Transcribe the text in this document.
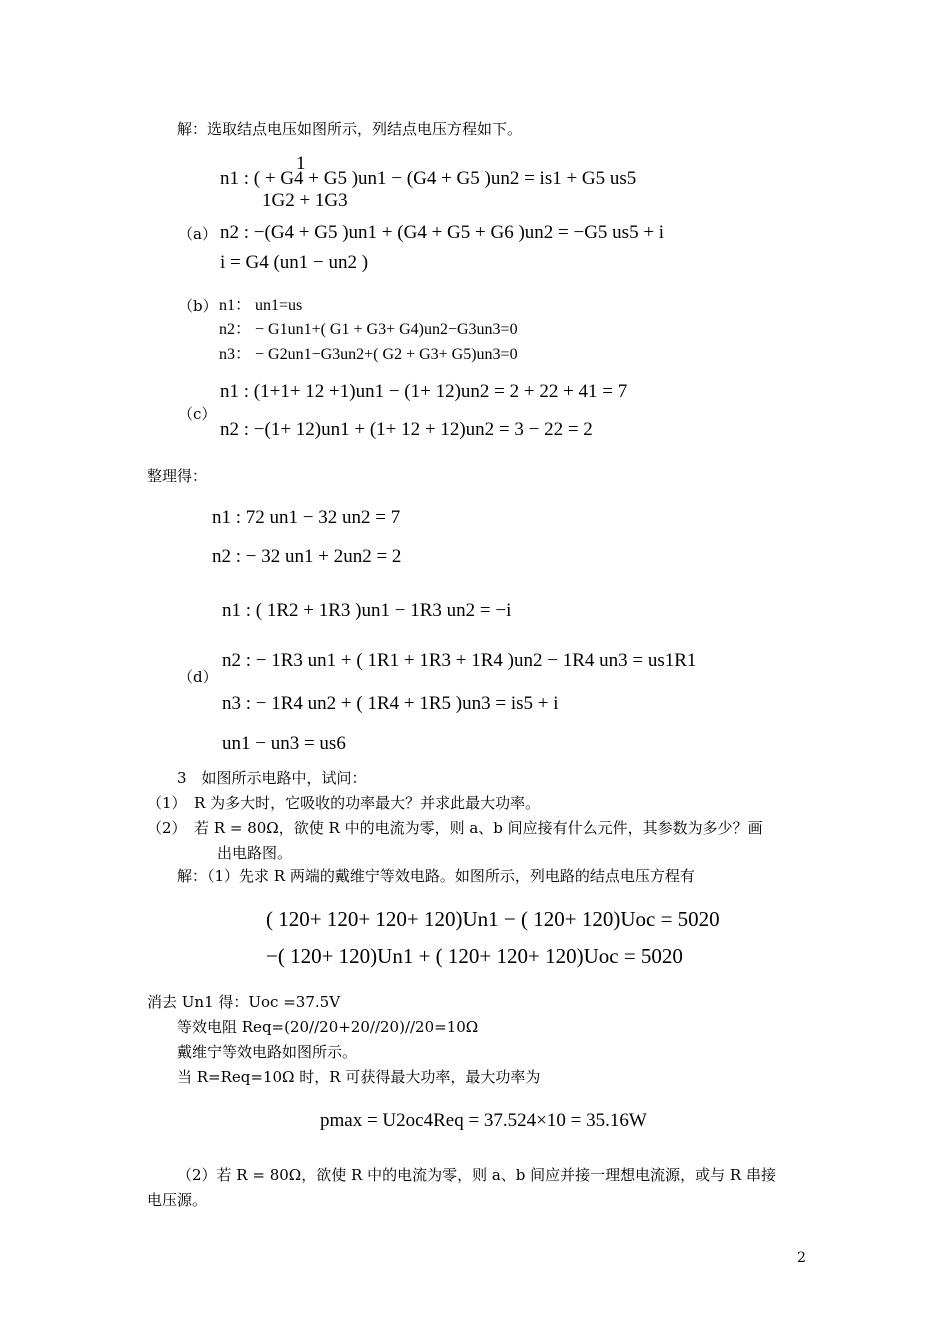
解：选取结点电压如图所示，列结点电压方程如下。
1
1G2 + 1G3
n1 : ( + G4 + G5 )un1 − (G4 + G5 )un2 = is1 + G5 us5
（a） n2 : −(G4 + G5 )un1 + (G4 + G5 + G6 )un2 = −G5 us5 + i
i = G4 (un1 − un2 )
（b） n1： un1=us
n2： − G1un1+( G1 + G3+ G4)un2−G3un3=0
n3： − G2un1−G3un2+( G2 + G3+ G5)un3=0
（c）
n1 : (1+1+ 12 +1)un1 − (1+ 12)un2 = 2 + 22 + 41 = 7
n2 : −(1+ 12)un1 + (1+ 12 + 12)un2 = 3 − 22 = 2
整理得：
n1 : 72 un1 − 32 un2 = 7
n2 : − 32 un1 + 2un2 = 2
n1 : ( 1R2 + 1R3 )un1 − 1R3 un2 = −i
（d）
n2 : − 1R3 un1 + ( 1R1 + 1R3 + 1R4 )un2 − 1R4 un3 = us1R1
n3 : − 1R4 un2 + ( 1R4 + 1R5 )un3 = is5 + i
un1 − un3 = us6
3　如图所示电路中，试问：
（1）　R 为多大时，它吸收的功率最大？并求此最大功率。
（2）　若 R = 80Ω，欲使 R 中的电流为零，则 a、b 间应接有什么元件，其参数为多少？画
出电路图。
解：（1）先求 R 两端的戴维宁等效电路。如图所示，列电路的结点电压方程有
( 120+ 120+ 120+ 120)Un1 − ( 120+ 120)Uoc = 5020
−( 120+ 120)Un1 + ( 120+ 120+ 120)Uoc = 5020
消去 Un1 得：Uoc =37.5V
等效电阻 Req=(20//20+20//20)//20=10Ω
戴维宁等效电路如图所示。
当 R=Req=10Ω 时，R 可获得最大功率，最大功率为
pmax = U2oc4Req = 37.524×10 = 35.16W
（2）若 R = 80Ω，欲使 R 中的电流为零，则 a、b 间应并接一理想电流源，或与 R 串接
电压源。
2
